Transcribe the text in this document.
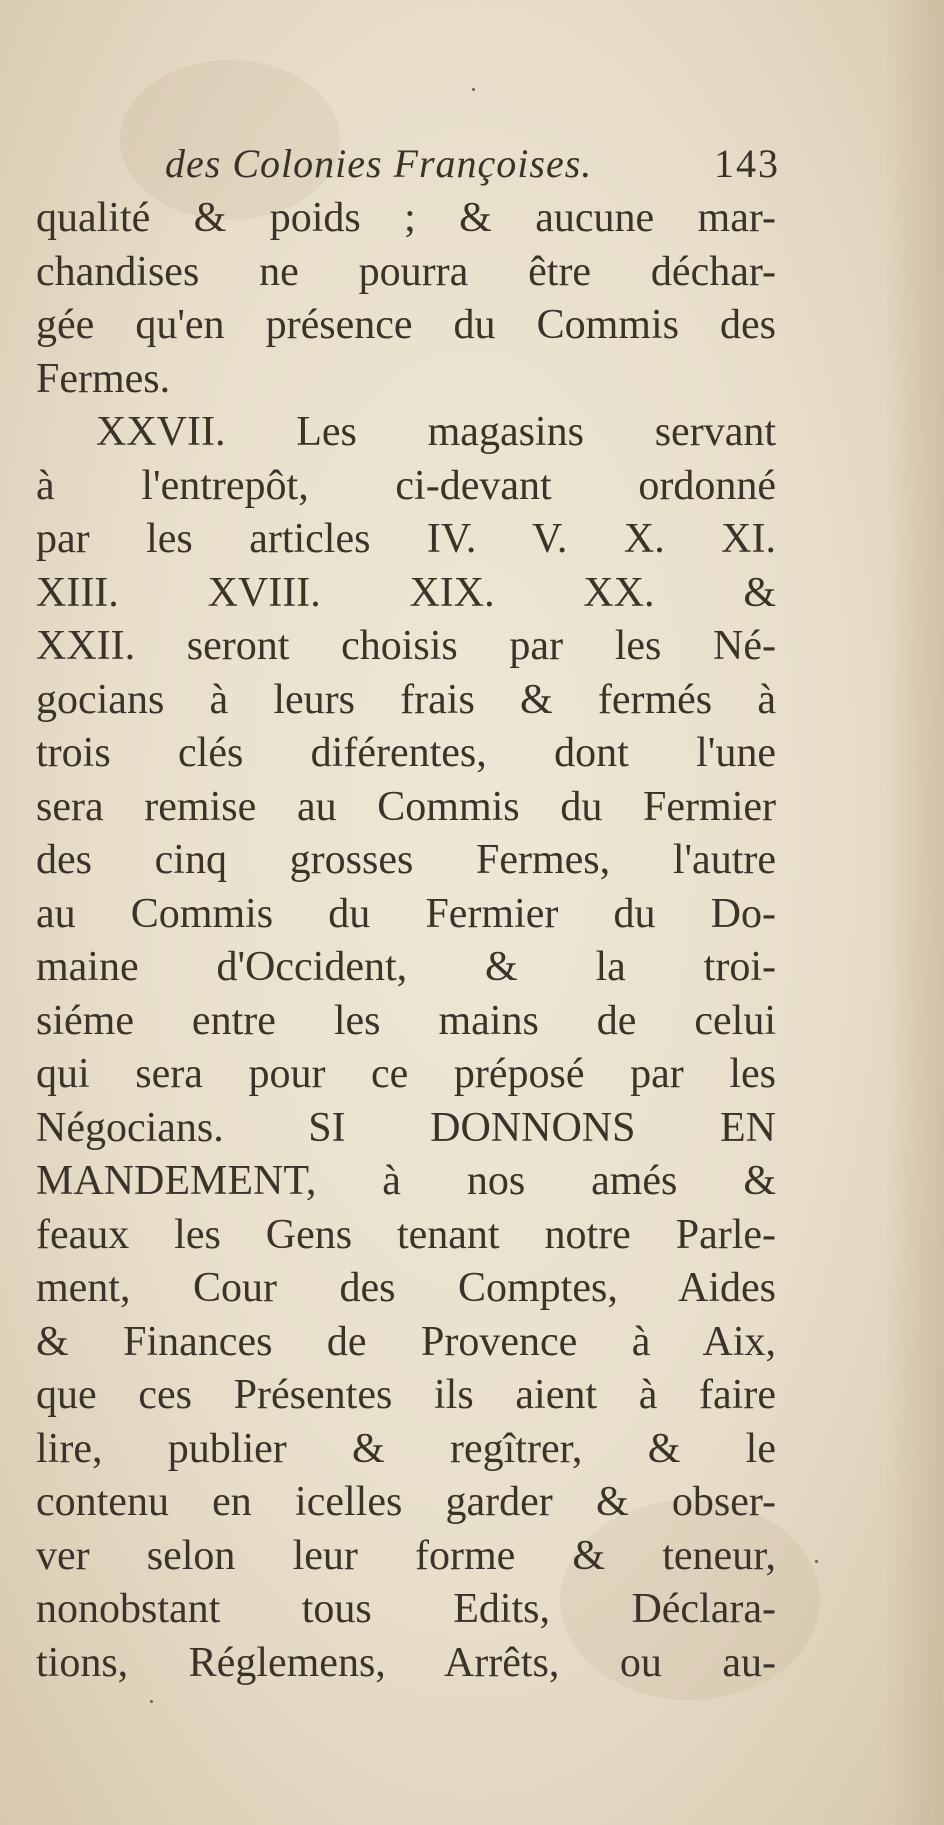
des Colonies Françoises.	143
qualité & poids ; & aucune mar-
chandises ne pourra être déchar-
gée qu'en présence du Commis des
Fermes.
XXVII. Les magasins servant
à l'entrepôt, ci-devant ordonné
par les articles IV. V. X. XI.
XIII. XVIII. XIX. XX. &
XXII. seront choisis par les Né-
gocians à leurs frais & fermés à
trois clés diférentes, dont l'une
sera remise au Commis du Fermier
des cinq grosses Fermes, l'autre
au Commis du Fermier du Do-
maine d'Occident, & la troi-
siéme entre les mains de celui
qui sera pour ce préposé par les
Négocians. SI DONNONS EN
MANDEMENT, à nos amés &
feaux les Gens tenant notre Parle-
ment, Cour des Comptes, Aides
& Finances de Provence à Aix,
que ces Présentes ils aient à faire
lire, publier & regîtrer, & le
contenu en icelles garder & obser-
ver selon leur forme & teneur,
nonobstant tous Edits, Déclara-
tions, Réglemens, Arrêts, ou au-
